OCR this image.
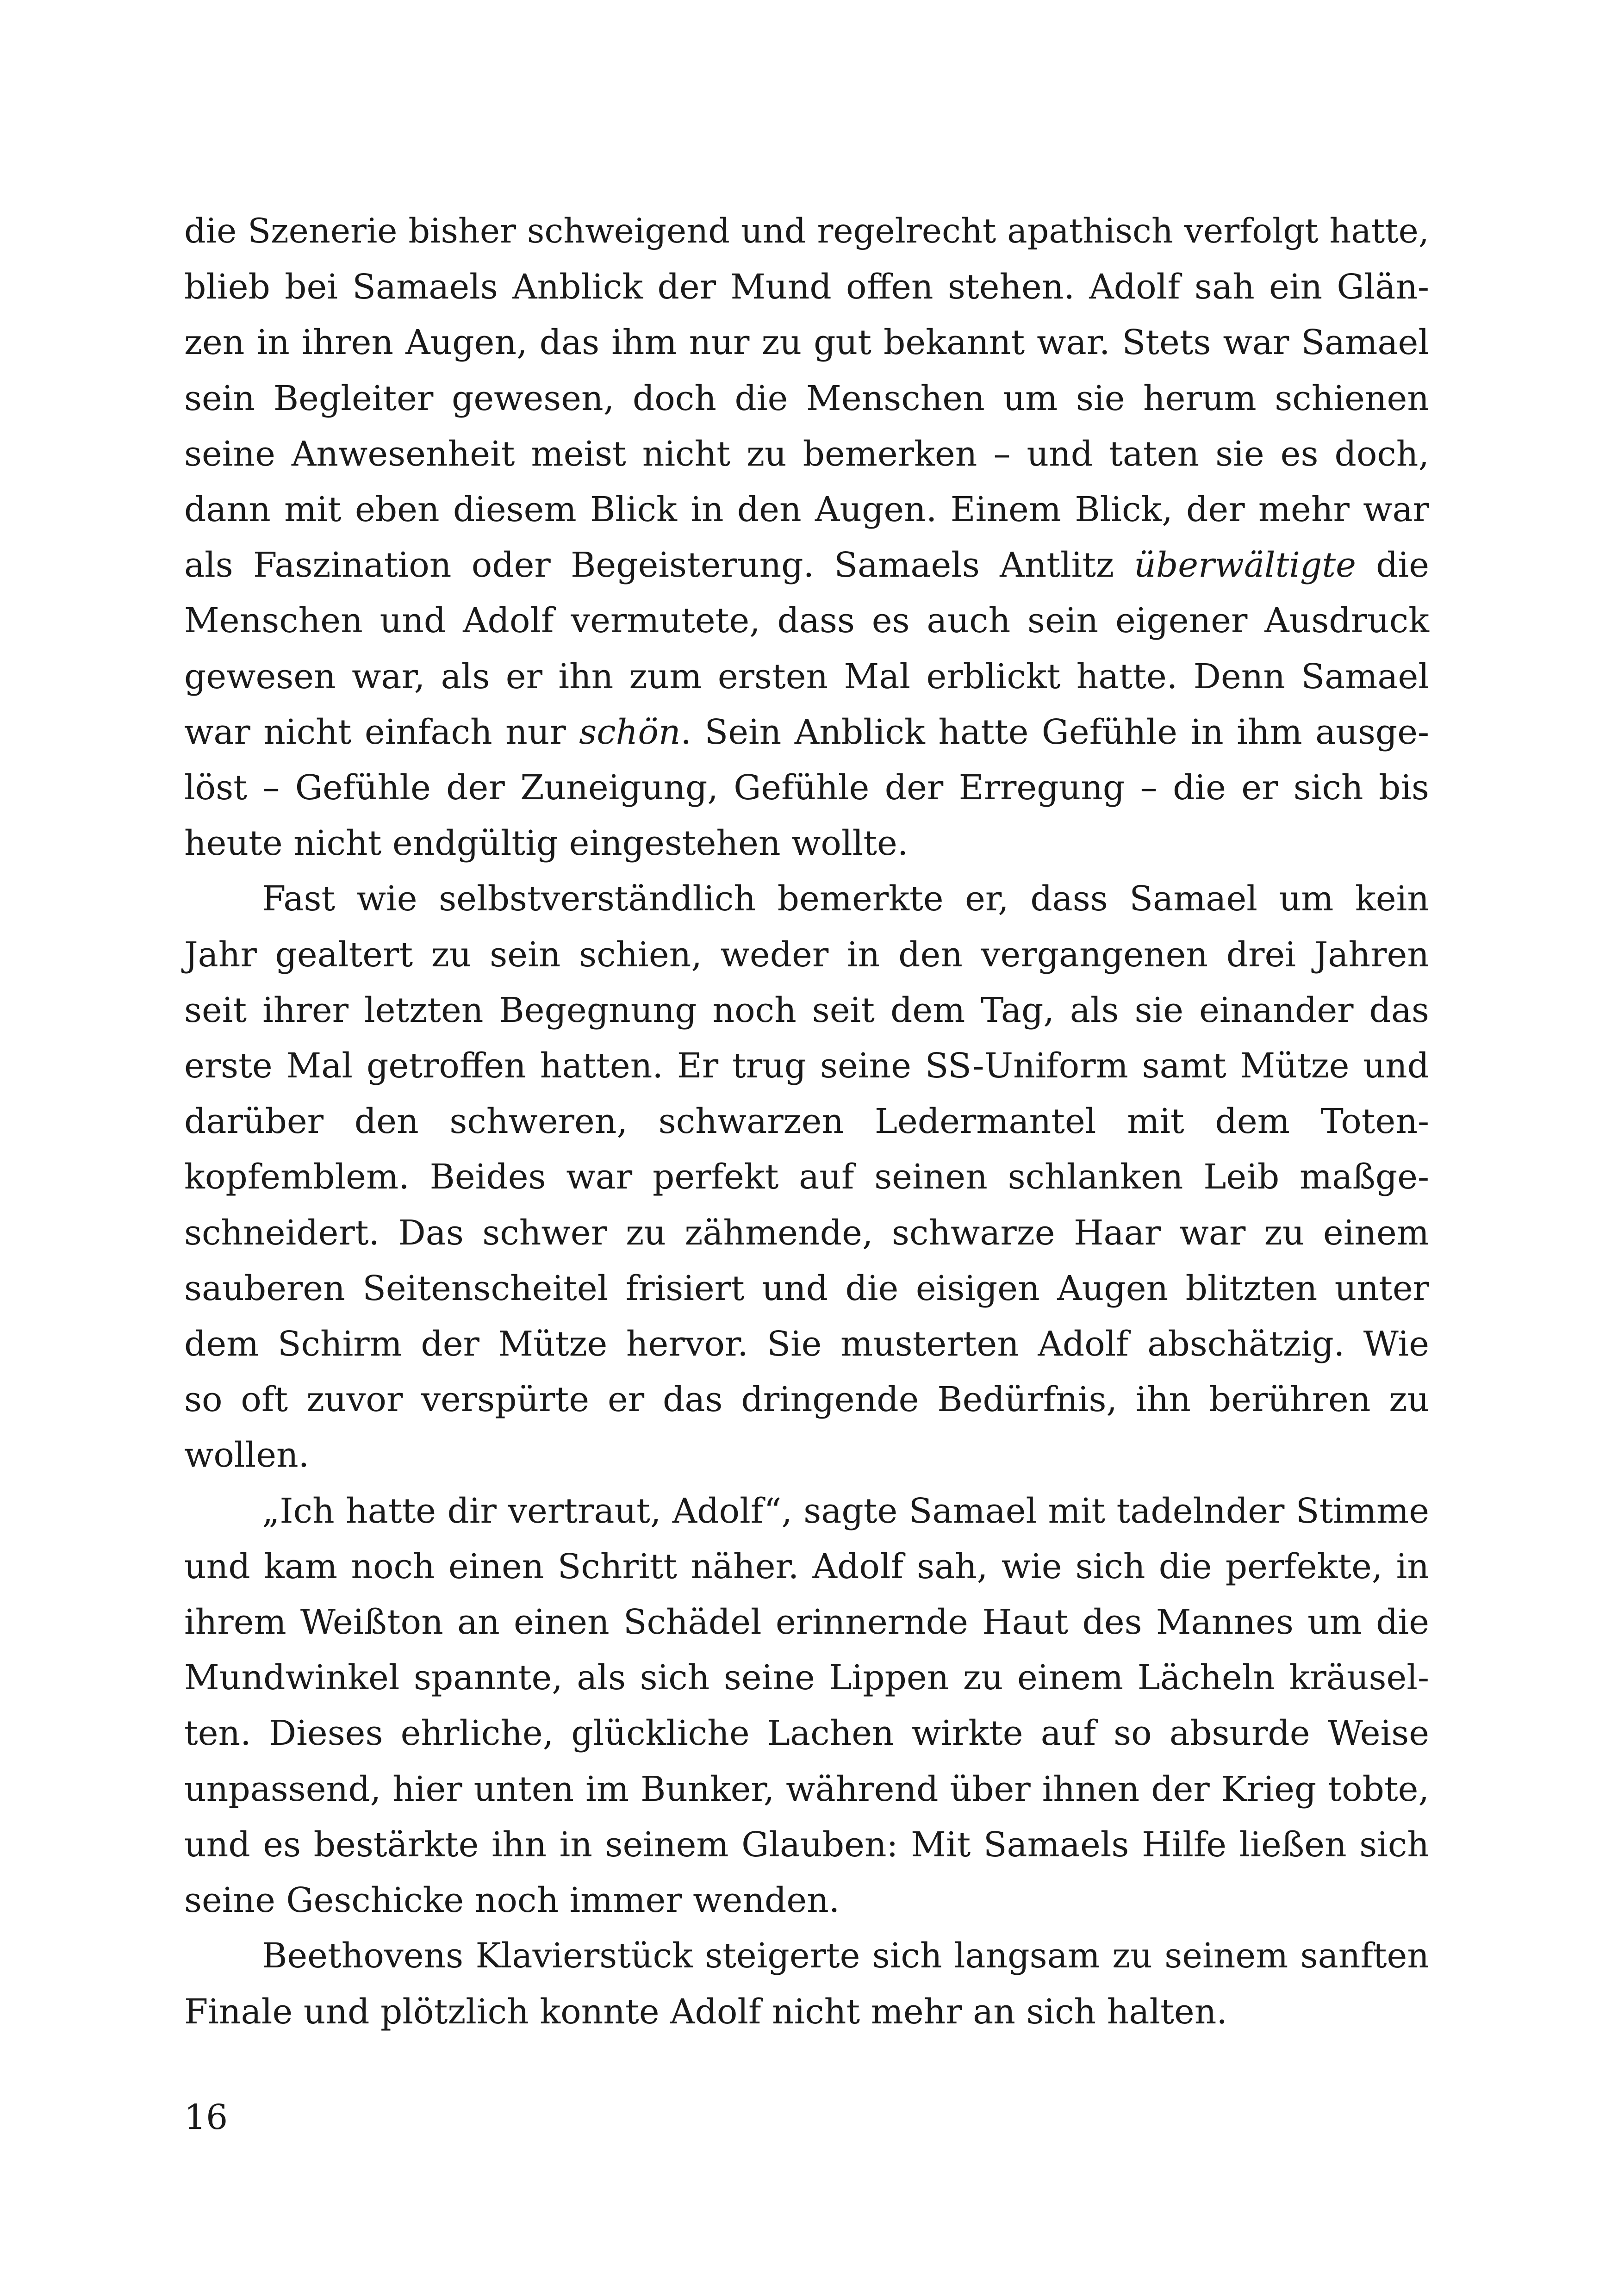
die Szenerie bisher schweigend und regelrecht apathisch verfolgt hatte,
blieb bei Samaels Anblick der Mund offen stehen. Adolf sah ein Glän-
zen in ihren Augen, das ihm nur zu gut bekannt war. Stets war Samael
sein Begleiter gewesen, doch die Menschen um sie herum schienen
seine Anwesenheit meist nicht zu bemerken – und taten sie es doch,
dann mit eben diesem Blick in den Augen. Einem Blick, der mehr war
als Faszination oder Begeisterung. Samaels Antlitz überwältigte die
Menschen und Adolf vermutete, dass es auch sein eigener Ausdruck
gewesen war, als er ihn zum ersten Mal erblickt hatte. Denn Samael
war nicht einfach nur schön. Sein Anblick hatte Gefühle in ihm ausge-
löst – Gefühle der Zuneigung, Gefühle der Erregung – die er sich bis
heute nicht endgültig eingestehen wollte.

Fast wie selbstverständlich bemerkte er, dass Samael um kein
Jahr gealtert zu sein schien, weder in den vergangenen drei Jahren
seit ihrer letzten Begegnung noch seit dem Tag, als sie einander das
erste Mal getroffen hatten. Er trug seine SS-Uniform samt Mütze und
darüber den schweren, schwarzen Ledermantel mit dem Toten-
kopfemblem. Beides war perfekt auf seinen schlanken Leib maßge-
schneidert. Das schwer zu zähmende, schwarze Haar war zu einem
sauberen Seitenscheitel frisiert und die eisigen Augen blitzten unter
dem Schirm der Mütze hervor. Sie musterten Adolf abschätzig. Wie
so oft zuvor verspürte er das dringende Bedürfnis, ihn berühren zu
wollen.

„Ich hatte dir vertraut, Adolf“, sagte Samael mit tadelnder Stimme
und kam noch einen Schritt näher. Adolf sah, wie sich die perfekte, in
ihrem Weißton an einen Schädel erinnernde Haut des Mannes um die
Mundwinkel spannte, als sich seine Lippen zu einem Lächeln kräusel-
ten. Dieses ehrliche, glückliche Lachen wirkte auf so absurde Weise
unpassend, hier unten im Bunker, während über ihnen der Krieg tobte,
und es bestärkte ihn in seinem Glauben: Mit Samaels Hilfe ließen sich
seine Geschicke noch immer wenden.

Beethovens Klavierstück steigerte sich langsam zu seinem sanften
Finale und plötzlich konnte Adolf nicht mehr an sich halten.

16
